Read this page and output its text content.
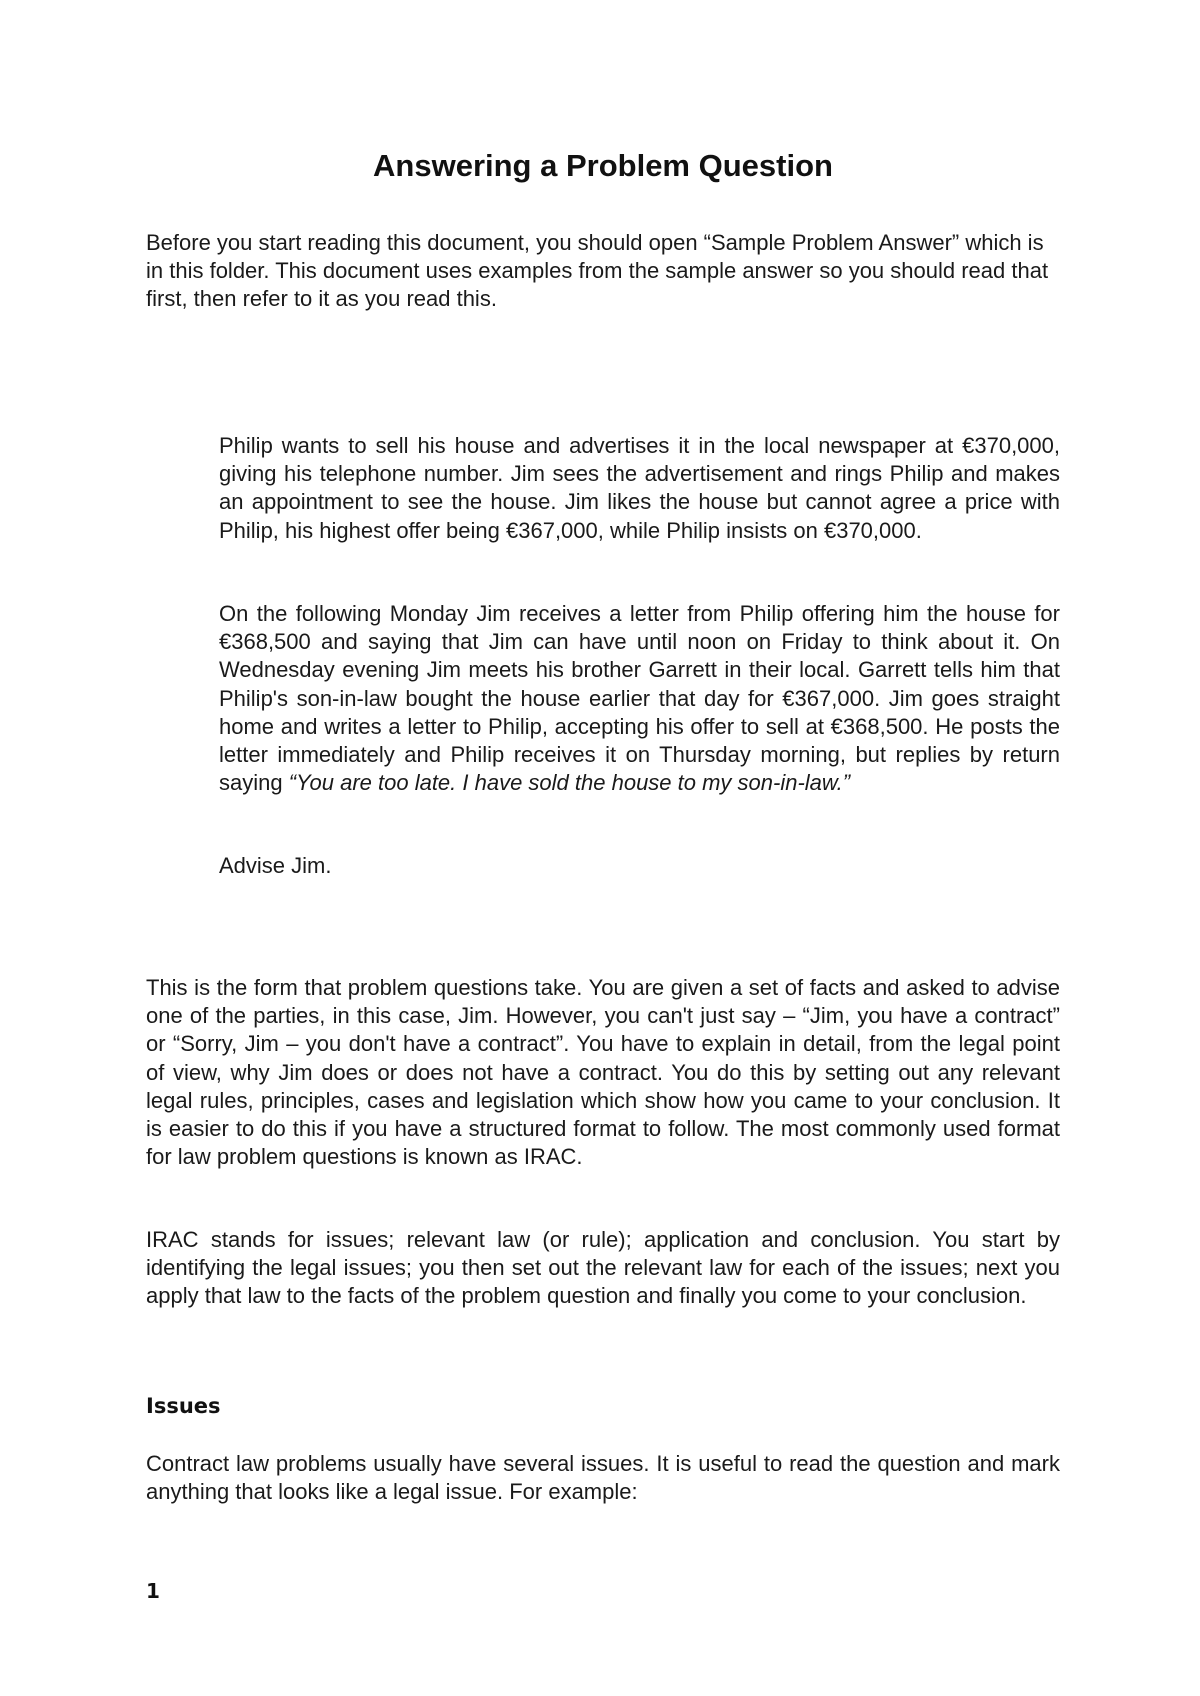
Answering a Problem Question

Before you start reading this document, you should open “Sample Problem Answer” which is in this folder. This document uses examples from the sample answer so you should read that first, then refer to it as you read this.

Philip wants to sell his house and advertises it in the local newspaper at €370,000, giving his telephone number. Jim sees the advertisement and rings Philip and makes an appointment to see the house. Jim likes the house but cannot agree a price with Philip, his highest offer being €367,000, while Philip insists on €370,000.

On the following Monday Jim receives a letter from Philip offering him the house for €368,500 and saying that Jim can have until noon on Friday to think about it. On Wednesday evening Jim meets his brother Garrett in their local. Garrett tells him that Philip's son-in-law bought the house earlier that day for €367,000. Jim goes straight home and writes a letter to Philip, accepting his offer to sell at €368,500. He posts the letter immediately and Philip receives it on Thursday morning, but replies by return saying “You are too late. I have sold the house to my son-in-law.”

Advise Jim.

This is the form that problem questions take. You are given a set of facts and asked to advise one of the parties, in this case, Jim. However, you can't just say – “Jim, you have a contract” or “Sorry, Jim – you don't have a contract”. You have to explain in detail, from the legal point of view, why Jim does or does not have a contract. You do this by setting out any relevant legal rules, principles, cases and legislation which show how you came to your conclusion. It is easier to do this if you have a structured format to follow. The most commonly used format for law problem questions is known as IRAC.

IRAC stands for issues; relevant law (or rule); application and conclusion. You start by identifying the legal issues; you then set out the relevant law for each of the issues; next you apply that law to the facts of the problem question and finally you come to your conclusion.

Issues

Contract law problems usually have several issues. It is useful to read the question and mark anything that looks like a legal issue. For example:

1
